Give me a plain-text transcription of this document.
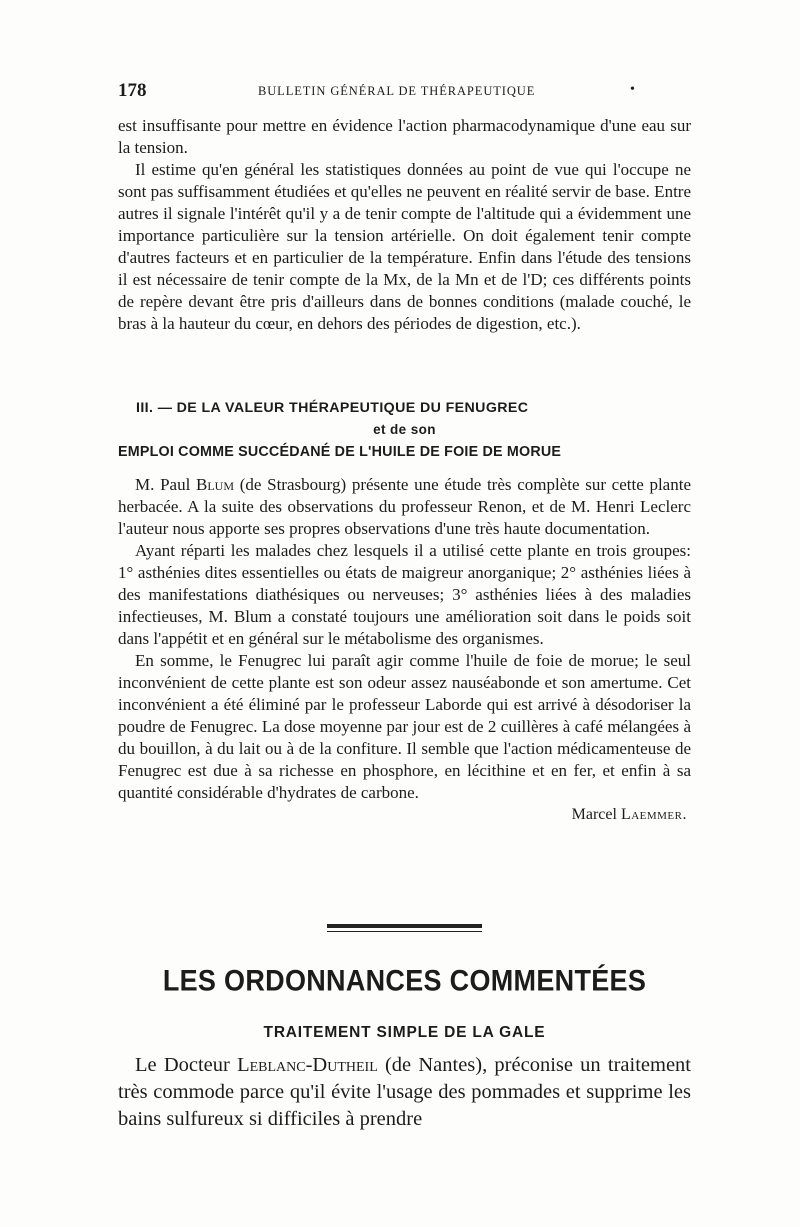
178	BULLETIN GÉNÉRAL DE THÉRAPEUTIQUE	•

est insuffisante pour mettre en évidence l'action pharmacodynamique d'une eau sur la tension.

Il estime qu'en général les statistiques données au point de vue qui l'occupe ne sont pas suffisamment étudiées et qu'elles ne peuvent en réalité servir de base. Entre autres il signale l'intérêt qu'il y a de tenir compte de l'altitude qui a évidemment une importance particulière sur la tension artérielle. On doit également tenir compte d'autres facteurs et en particulier de la température. Enfin dans l'étude des tensions il est nécessaire de tenir compte de la Mx, de la Mn et de l'D; ces différents points de repère devant être pris d'ailleurs dans de bonnes conditions (malade couché, le bras à la hauteur du cœur, en dehors des périodes de digestion, etc.).

III. — DE LA VALEUR THÉRAPEUTIQUE DU FENUGREC
et de son
EMPLOI COMME SUCCÉDANÉ DE L'HUILE DE FOIE DE MORUE

M. Paul Blum (de Strasbourg) présente une étude très complète sur cette plante herbacée. A la suite des observations du professeur Renon, et de M. Henri Leclerc l'auteur nous apporte ses propres observations d'une très haute documentation.

Ayant réparti les malades chez lesquels il a utilisé cette plante en trois groupes: 1° asthénies dites essentielles ou états de maigreur anorganique; 2° asthénies liées à des manifestations diathésiques ou nerveuses; 3° asthénies liées à des maladies infectieuses, M. Blum a constaté toujours une amélioration soit dans le poids soit dans l'appétit et en général sur le métabolisme des organismes.

En somme, le Fenugrec lui paraît agir comme l'huile de foie de morue; le seul inconvénient de cette plante est son odeur assez nauséabonde et son amertume. Cet inconvénient a été éliminé par le professeur Laborde qui est arrivé à désodoriser la poudre de Fenugrec. La dose moyenne par jour est de 2 cuillères à café mélangées à du bouillon, à du lait ou à de la confiture. Il semble que l'action médicamenteuse de Fenugrec est due à sa richesse en phosphore, en lécithine et en fer, et enfin à sa quantité considérable d'hydrates de carbone.

Marcel Laemmer.
LES ORDONNANCES COMMENTÉES
TRAITEMENT SIMPLE DE LA GALE

Le Docteur Leblanc-Dutheil (de Nantes), préconise un traitement très commode parce qu'il évite l'usage des pommades et supprime les bains sulfureux si difficiles à prendre
